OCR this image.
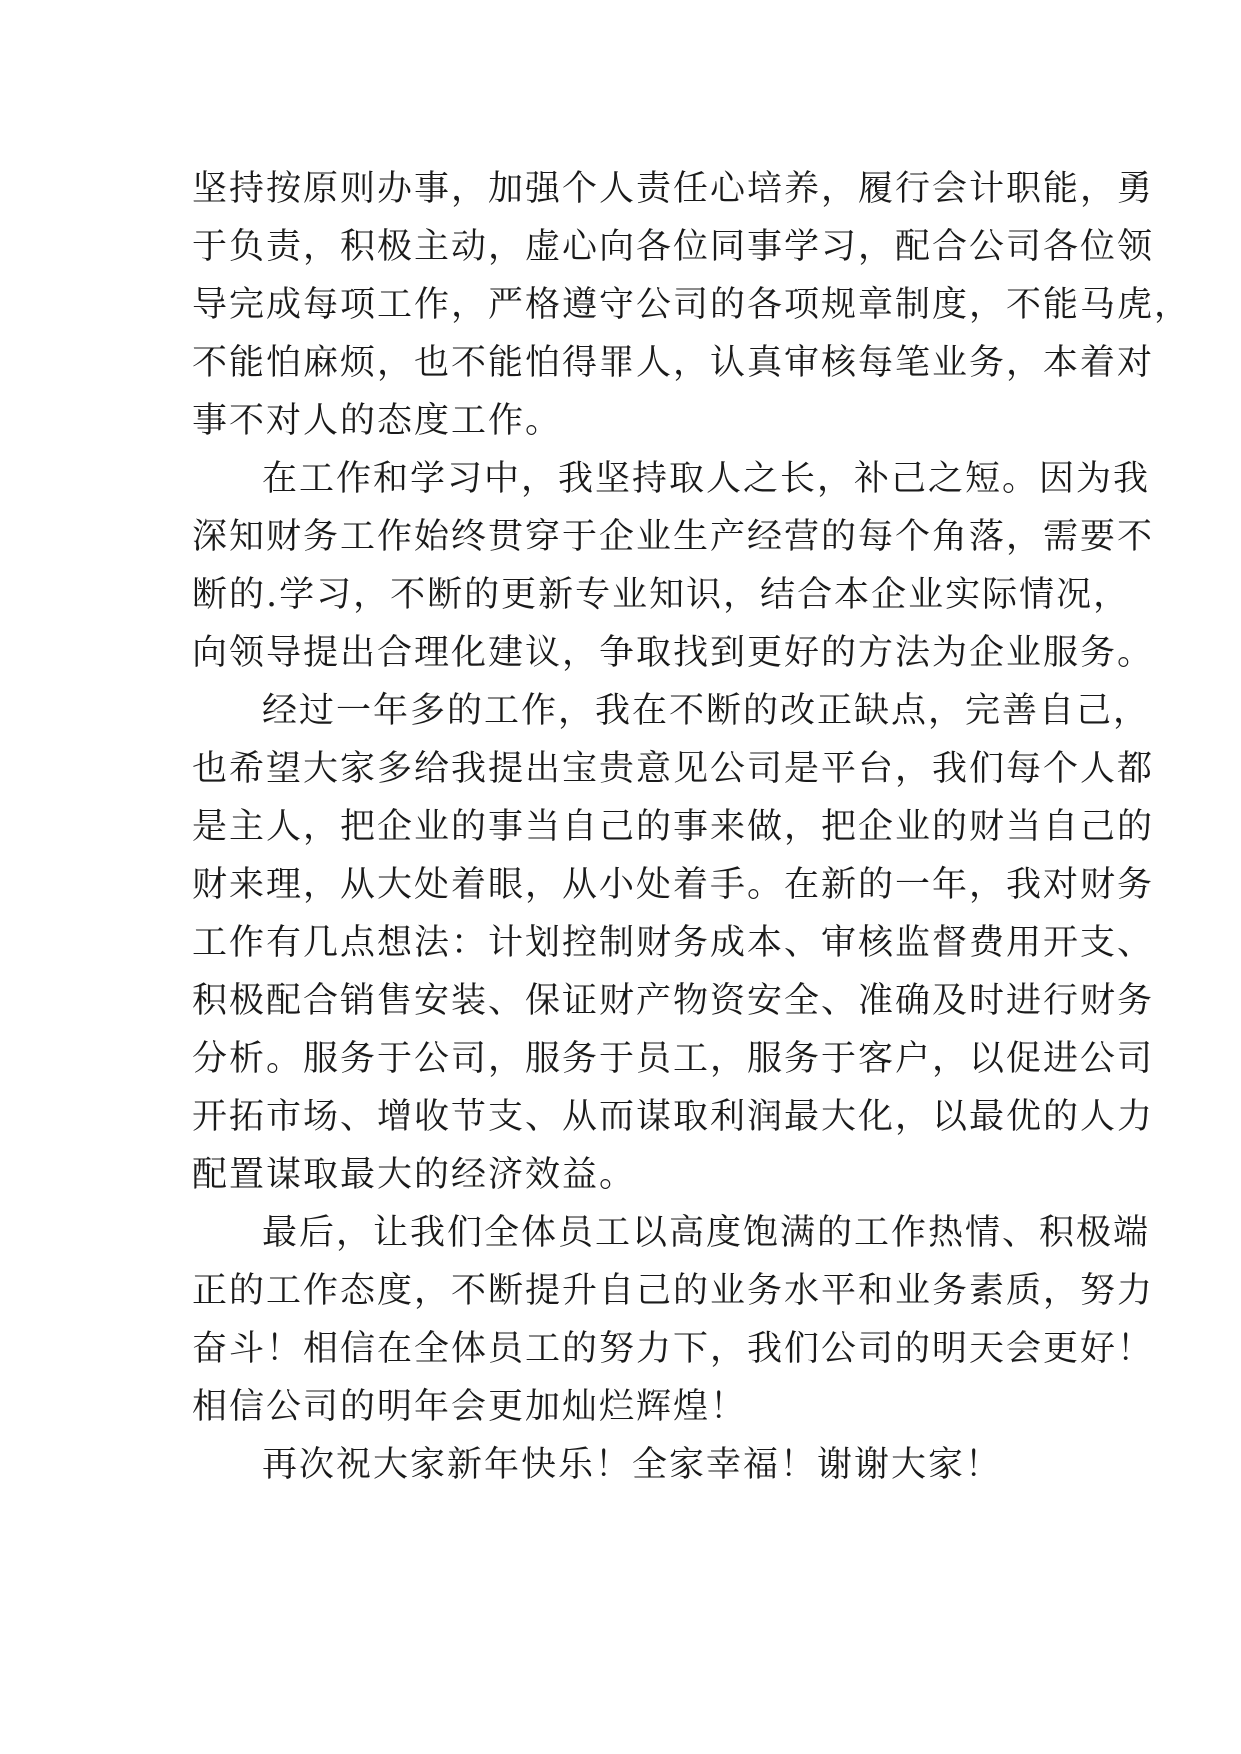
坚持按原则办事，加强个人责任心培养，履行会计职能，勇
于负责，积极主动，虚心向各位同事学习，配合公司各位领
导完成每项工作，严格遵守公司的各项规章制度，不能马虎，
不能怕麻烦，也不能怕得罪人，认真审核每笔业务，本着对
事不对人的态度工作。
在工作和学习中，我坚持取人之长，补己之短。因为我
深知财务工作始终贯穿于企业生产经营的每个角落，需要不
断的.学习，不断的更新专业知识，结合本企业实际情况，
向领导提出合理化建议，争取找到更好的方法为企业服务。
经过一年多的工作，我在不断的改正缺点，完善自己，
也希望大家多给我提出宝贵意见公司是平台，我们每个人都
是主人，把企业的事当自己的事来做，把企业的财当自己的
财来理，从大处着眼，从小处着手。在新的一年，我对财务
工作有几点想法：计划控制财务成本、审核监督费用开支、
积极配合销售安装、保证财产物资安全、准确及时进行财务
分析。服务于公司，服务于员工，服务于客户，以促进公司
开拓市场、增收节支、从而谋取利润最大化，以最优的人力
配置谋取最大的经济效益。
最后，让我们全体员工以高度饱满的工作热情、积极端
正的工作态度，不断提升自己的业务水平和业务素质，努力
奋斗！相信在全体员工的努力下，我们公司的明天会更好！
相信公司的明年会更加灿烂辉煌！
再次祝大家新年快乐！全家幸福！谢谢大家！
